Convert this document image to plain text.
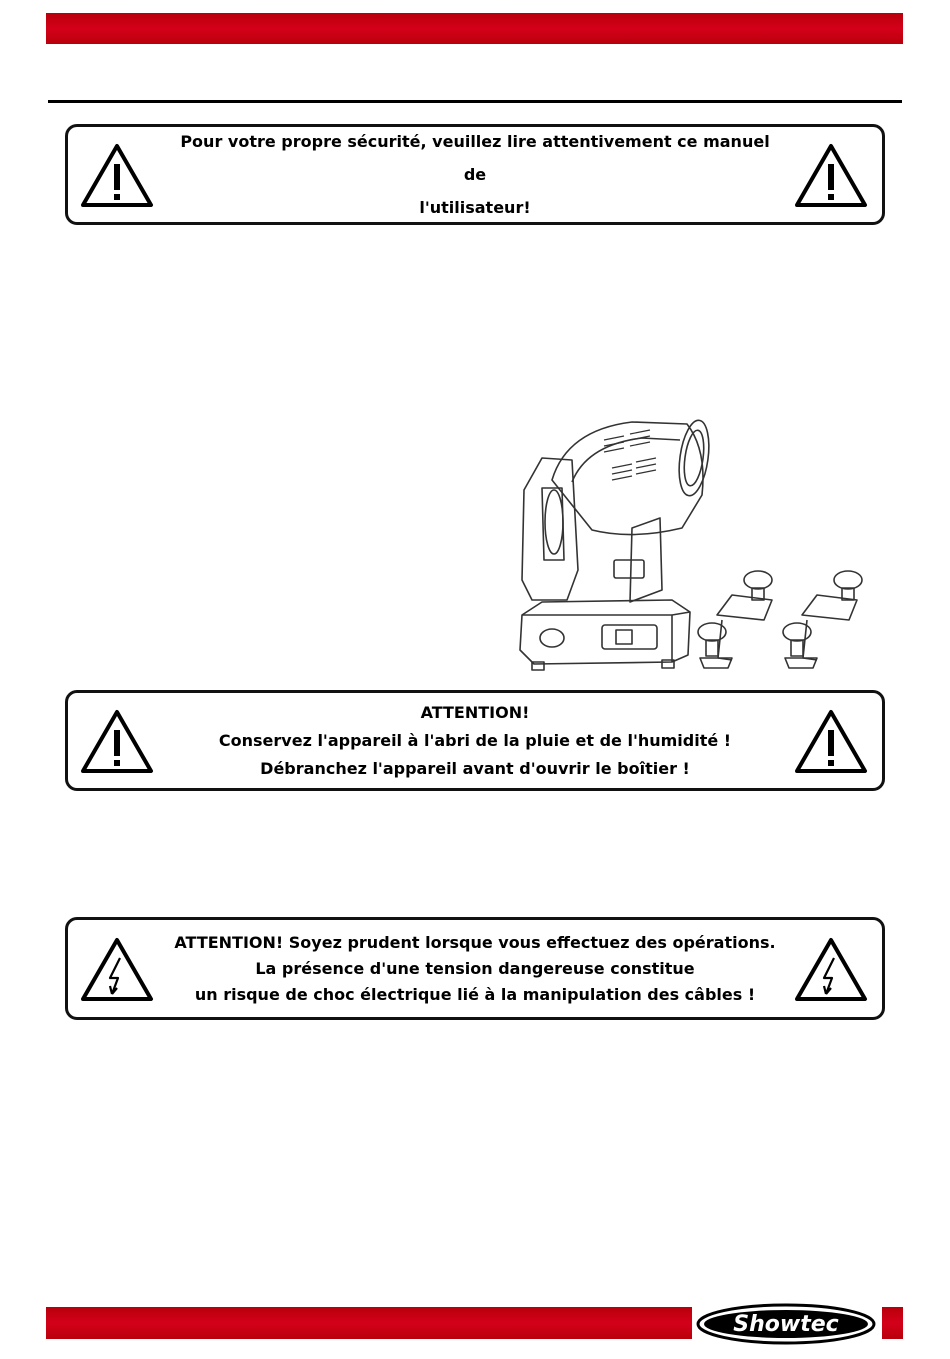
Pour votre propre sécurité, veuillez lire attentivement ce manuel de
l'utilisateur!
ATTENTION!
Conservez l'appareil à l'abri de la pluie et de l'humidité !
Débranchez l'appareil avant d'ouvrir le boîtier !
ATTENTION! Soyez prudent lorsque vous effectuez des opérations.
La présence d'une tension dangereuse constitue
un risque de choc électrique lié à la manipulation des câbles !
Showtec
